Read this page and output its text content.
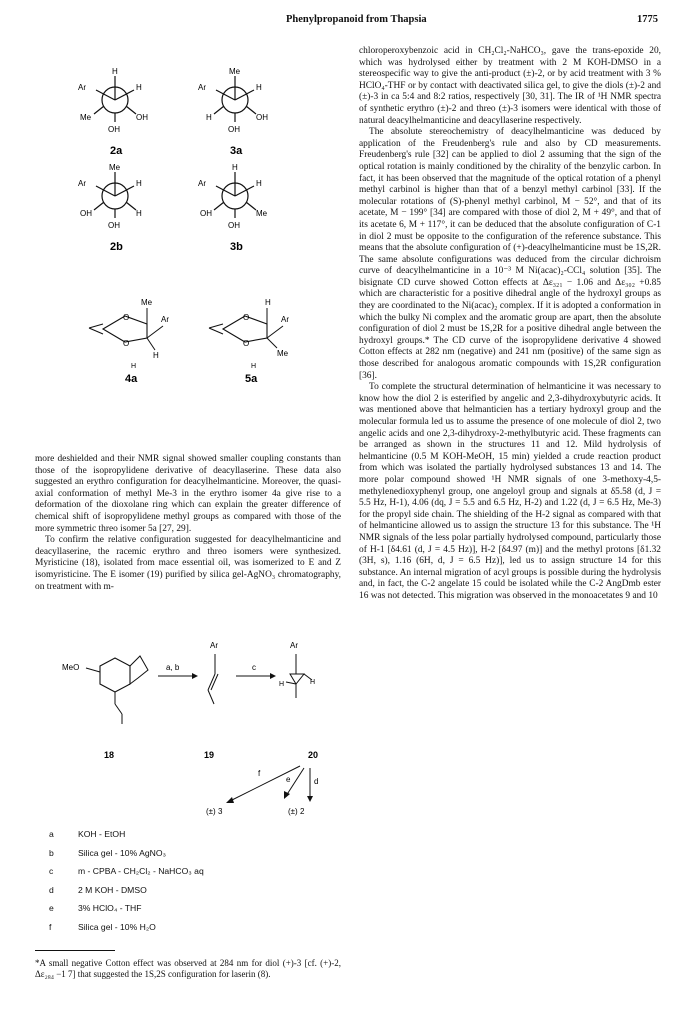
Phenylpropanoid from Thapsia	1775
H
Ar	H
Me	OH
OH
2a
Me
Ar	H
H	OH
OH
3a
Me
Ar	H
OH	H
OH
2b
H
Ar	H
OH	Me
OH
3b
O
O
Me
Ar
H
H
4a
O
O
H
Ar
Me
H
5a

more deshielded and their NMR signal showed smaller coupling constants than those of the isopropylidene derivative of deacyllaserine. These data also suggested an erythro configuration for deacylhelmanticine. Moreover, the quasi-axial conformation of methyl Me-3 in the erythro isomer 4a give rise to a deformation of the dioxolane ring which can explain the greater difference of chemical shift of isopropylidene methyl groups as compared with those of the more symmetric threo isomer 5a [27, 29].

To confirm the relative configuration suggested for deacylhelmanticine and deacyllaserine, the racemic erythro and threo isomers were synthesized. Myristicine (18), isolated from mace essential oil, was isomerized to E and Z isomyristicine. The E isomer (19) purified by silica gel-AgNO₃ chromatography, on treatment with m-

MeO
18
a, b
Ar
19
c
Ar
H	H
20
f
e	d
(±) 3	(±) 2
a	KOH - EtOH
b	Silica gel - 10% AgNO₃
c	m - CPBA - CH₂Cl₂ - NaHCO₃ aq
d	2 M KOH - DMSO
e	3% HClO₄ - THF
f	Silica gel - 10% H₂O
*A small negative Cotton effect was observed at 284 nm for diol (+)-3 [cf. (+)-2, Δε₂₈₄ −1 7] that suggested the 1S,2S configuration for laserin (8).

chloroperoxybenzoic acid in CH₂Cl₂-NaHCO₃, gave the trans-epoxide 20, which was hydrolysed either by treatment with 2 M KOH-DMSO in a stereospecific way to give the anti-product (±)-2, or by acid treatment with 3 % HClO₄-THF or by contact with deactivated silica gel, to give the diols (±)-2 and (±)-3 in ca 5:4 and 8:2 ratios, respectively [30, 31]. The IR of ¹H NMR spectra of synthetic erythro (±)-2 and threo (±)-3 isomers were identical with those of natural deacylhelmanticine and deacyllaserine respectively.

The absolute stereochemistry of deacylhelmanticine was deduced by application of the Freudenberg's rule and also by CD measurements. Freudenberg's rule [32] can be applied to diol 2 assuming that the sign of the optical rotation is mainly conditioned by the chirality of the benzylic carbon. In fact, it has been observed that the magnitude of the optical rotation of a phenyl methyl carbinol is higher than that of a benzyl methyl carbinol [33]. If the molecular rotations of (S)-phenyl methyl carbinol, M − 52°, and that of its acetate, M − 199° [34] are compared with those of diol 2, M + 49°, and that of its acetate 6, M + 117°, it can be deduced that the absolute configuration of C-1 in diol 2 must be opposite to the configuration of the reference substance. This means that the absolute configuration of (+)-deacylhelmanticine must be 1S,2R. The same absolute configurations was deduced from the circular dichroism curve of deacylhelmanticine in a 10⁻³ M Ni(acac)₂-CCl₄ solution [35]. The bisignate CD curve showed Cotton effects at Δε₃₂₁ − 1.06 and Δε₃₀₂ +0.85 which are characteristic for a positive dihedral angle of the hydroxyl groups as they are coordinated to the Ni(acac)₂ complex. If it is adopted a conformation in which the bulky Ni complex and the aromatic group are apart, then the absolute configuration of diol 2 must be 1S,2R for a positive dihedral angle between the hydroxyl groups.* The CD curve of the isopropylidene derivative 4 showed Cotton effects at 282 nm (negative) and 241 nm (positive) of the same sign as those described for analogous aromatic compounds with 1S,2R configuration [36].

To complete the structural determination of helmanticine it was necessary to know how the diol 2 is esterified by angelic and 2,3-dihydroxybutyric acids. It was mentioned above that helmanticien has a tertiary hydroxyl group and the molecular formula led us to assume the presence of one molecule of diol 2, two angelic acids and one 2,3-dihydroxy-2-methylbutyric acid. These fragments can be arranged as shown in the structures 11 and 12. Mild hydrolysis of helmanticine (0.5 M KOH-MeOH, 15 min) yielded a crude reaction product from which was isolated the partially hydrolysed substances 13 and 14. The more polar compound showed ¹H NMR signals of one 3-methoxy-4,5-methylenedioxyphenyl group, one angeloyl group and signals at δ5.58 (d, J = 5.5 Hz, H-1), 4.06 (dq, J = 5.5 and 6.5 Hz, H-2) and 1.22 (d, J = 6.5 Hz, Me-3) for the propyl side chain. The shielding of the H-2 signal as compared with that of helmanticine allowed us to assign the structure 13 for this substance. The ¹H NMR signals of the less polar partially hydrolysed compound, particularly those of H-1 [δ4.61 (d, J = 4.5 Hz)], H-2 [δ4.97 (m)] and the methyl protons [δ1.32 (3H, s), 1.16 (6H, d, J = 6.5 Hz)], led us to assign structure 14 for this substance. An internal migration of acyl groups is possible during the hydrolysis and, in fact, the C-2 angelate 15 could be isolated while the C-2 AngDmb ester 16 was not detected. This migration was observed in the monoacetates 9 and 10
